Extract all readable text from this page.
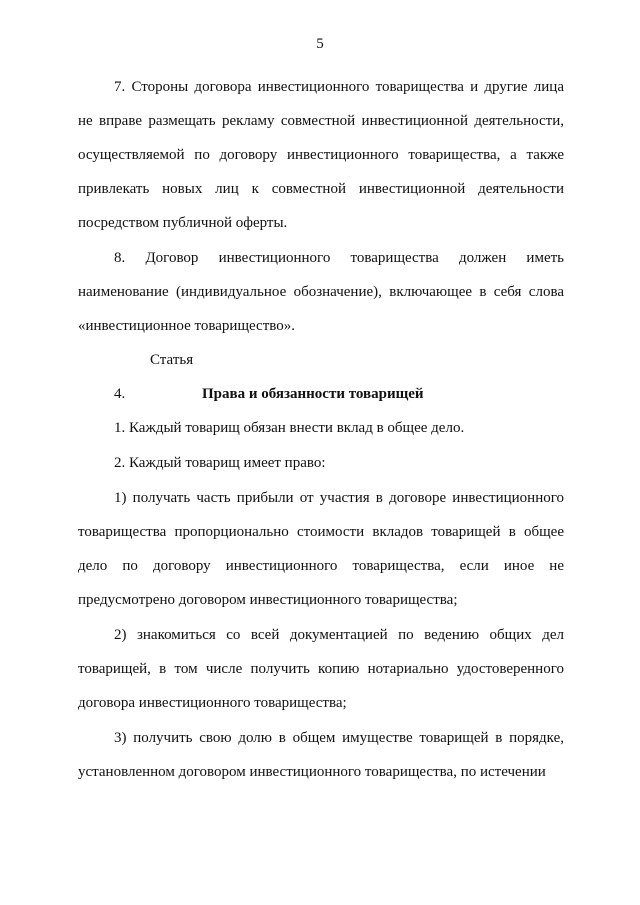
5

7. Стороны договора инвестиционного товарищества и другие лица не вправе размещать рекламу совместной инвестиционной деятельности, осуществляемой по договору инвестиционного товарищества, а также привлекать новых лиц к совместной инвестиционной деятельности посредством публичной оферты.

8. Договор инвестиционного товарищества должен иметь наименование (индивидуальное обозначение), включающее в себя слова «инвестиционное товарищество».

Статья 4.	Права и обязанности товарищей

1. Каждый товарищ обязан внести вклад в общее дело.

2. Каждый товарищ имеет право:

1) получать часть прибыли от участия в договоре инвестиционного товарищества пропорционально стоимости вкладов товарищей в общее дело по договору инвестиционного товарищества, если иное не предусмотрено договором инвестиционного товарищества;

2) знакомиться со всей документацией по ведению общих дел товарищей, в том числе получить копию нотариально удостоверенного договора инвестиционного товарищества;

3) получить свою долю в общем имуществе товарищей в порядке, установленном договором инвестиционного товарищества, по истечении
